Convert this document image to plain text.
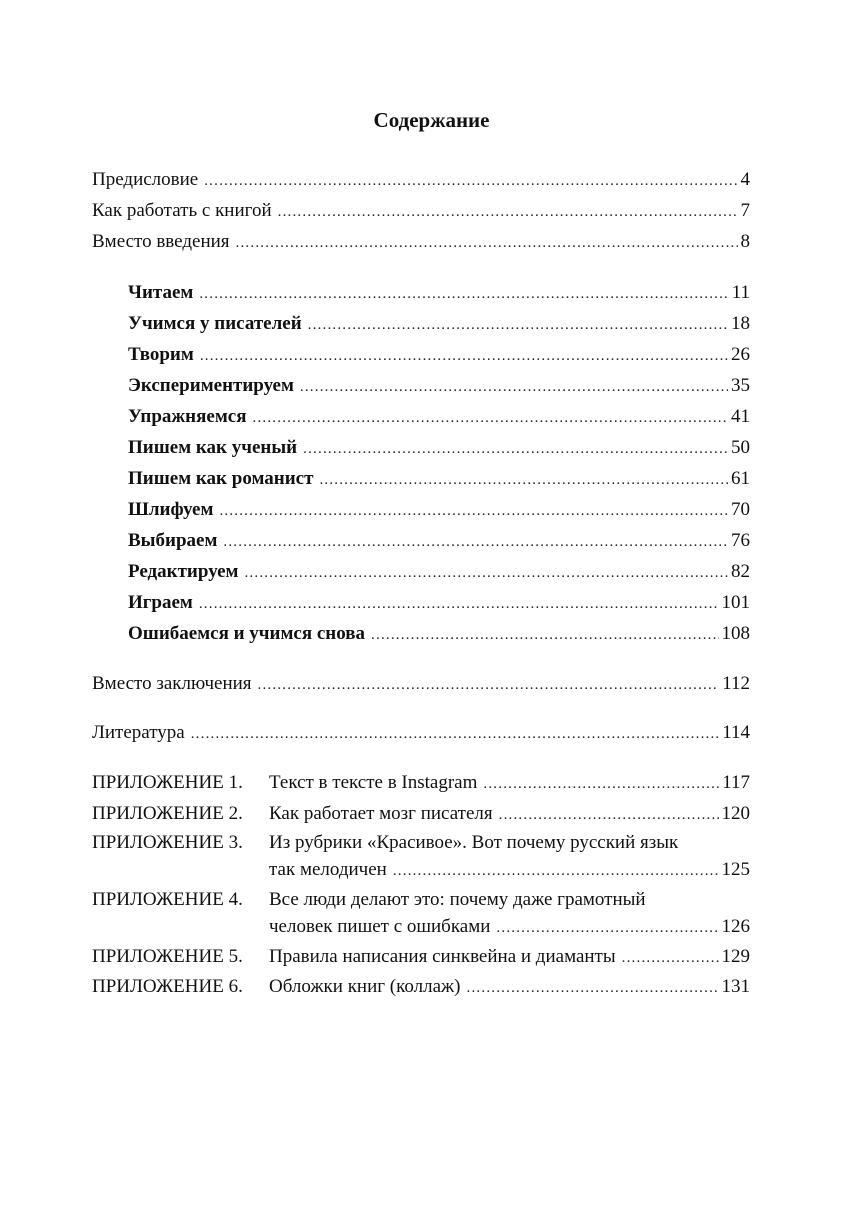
Содержание
Предисловие .....	4
Как работать с книгой .....	7
Вместо введения .....	8
Читаем .....	11
Учимся у писателей .....	18
Творим .....	26
Экспериментируем .....	35
Упражняемся .....	41
Пишем как ученый .....	50
Пишем как романист .....	61
Шлифуем .....	70
Выбираем .....	76
Редактируем .....	82
Играем .....	101
Ошибаемся и учимся снова .....	108
Вместо заключения .....	112
Литература .....	114
ПРИЛОЖЕНИЕ 1. Текст в тексте в Instagram .....	117
ПРИЛОЖЕНИЕ 2. Как работает мозг писателя .....	120
ПРИЛОЖЕНИЕ 3. Из рубрики «Красивое». Вот почему русский язык
так мелодичен .....	125
ПРИЛОЖЕНИЕ 4. Все люди делают это: почему даже грамотный
человек пишет с ошибками .....	126
ПРИЛОЖЕНИЕ 5. Правила написания синквейна и диаманты .....	129
ПРИЛОЖЕНИЕ 6. Обложки книг (коллаж) .....	131
